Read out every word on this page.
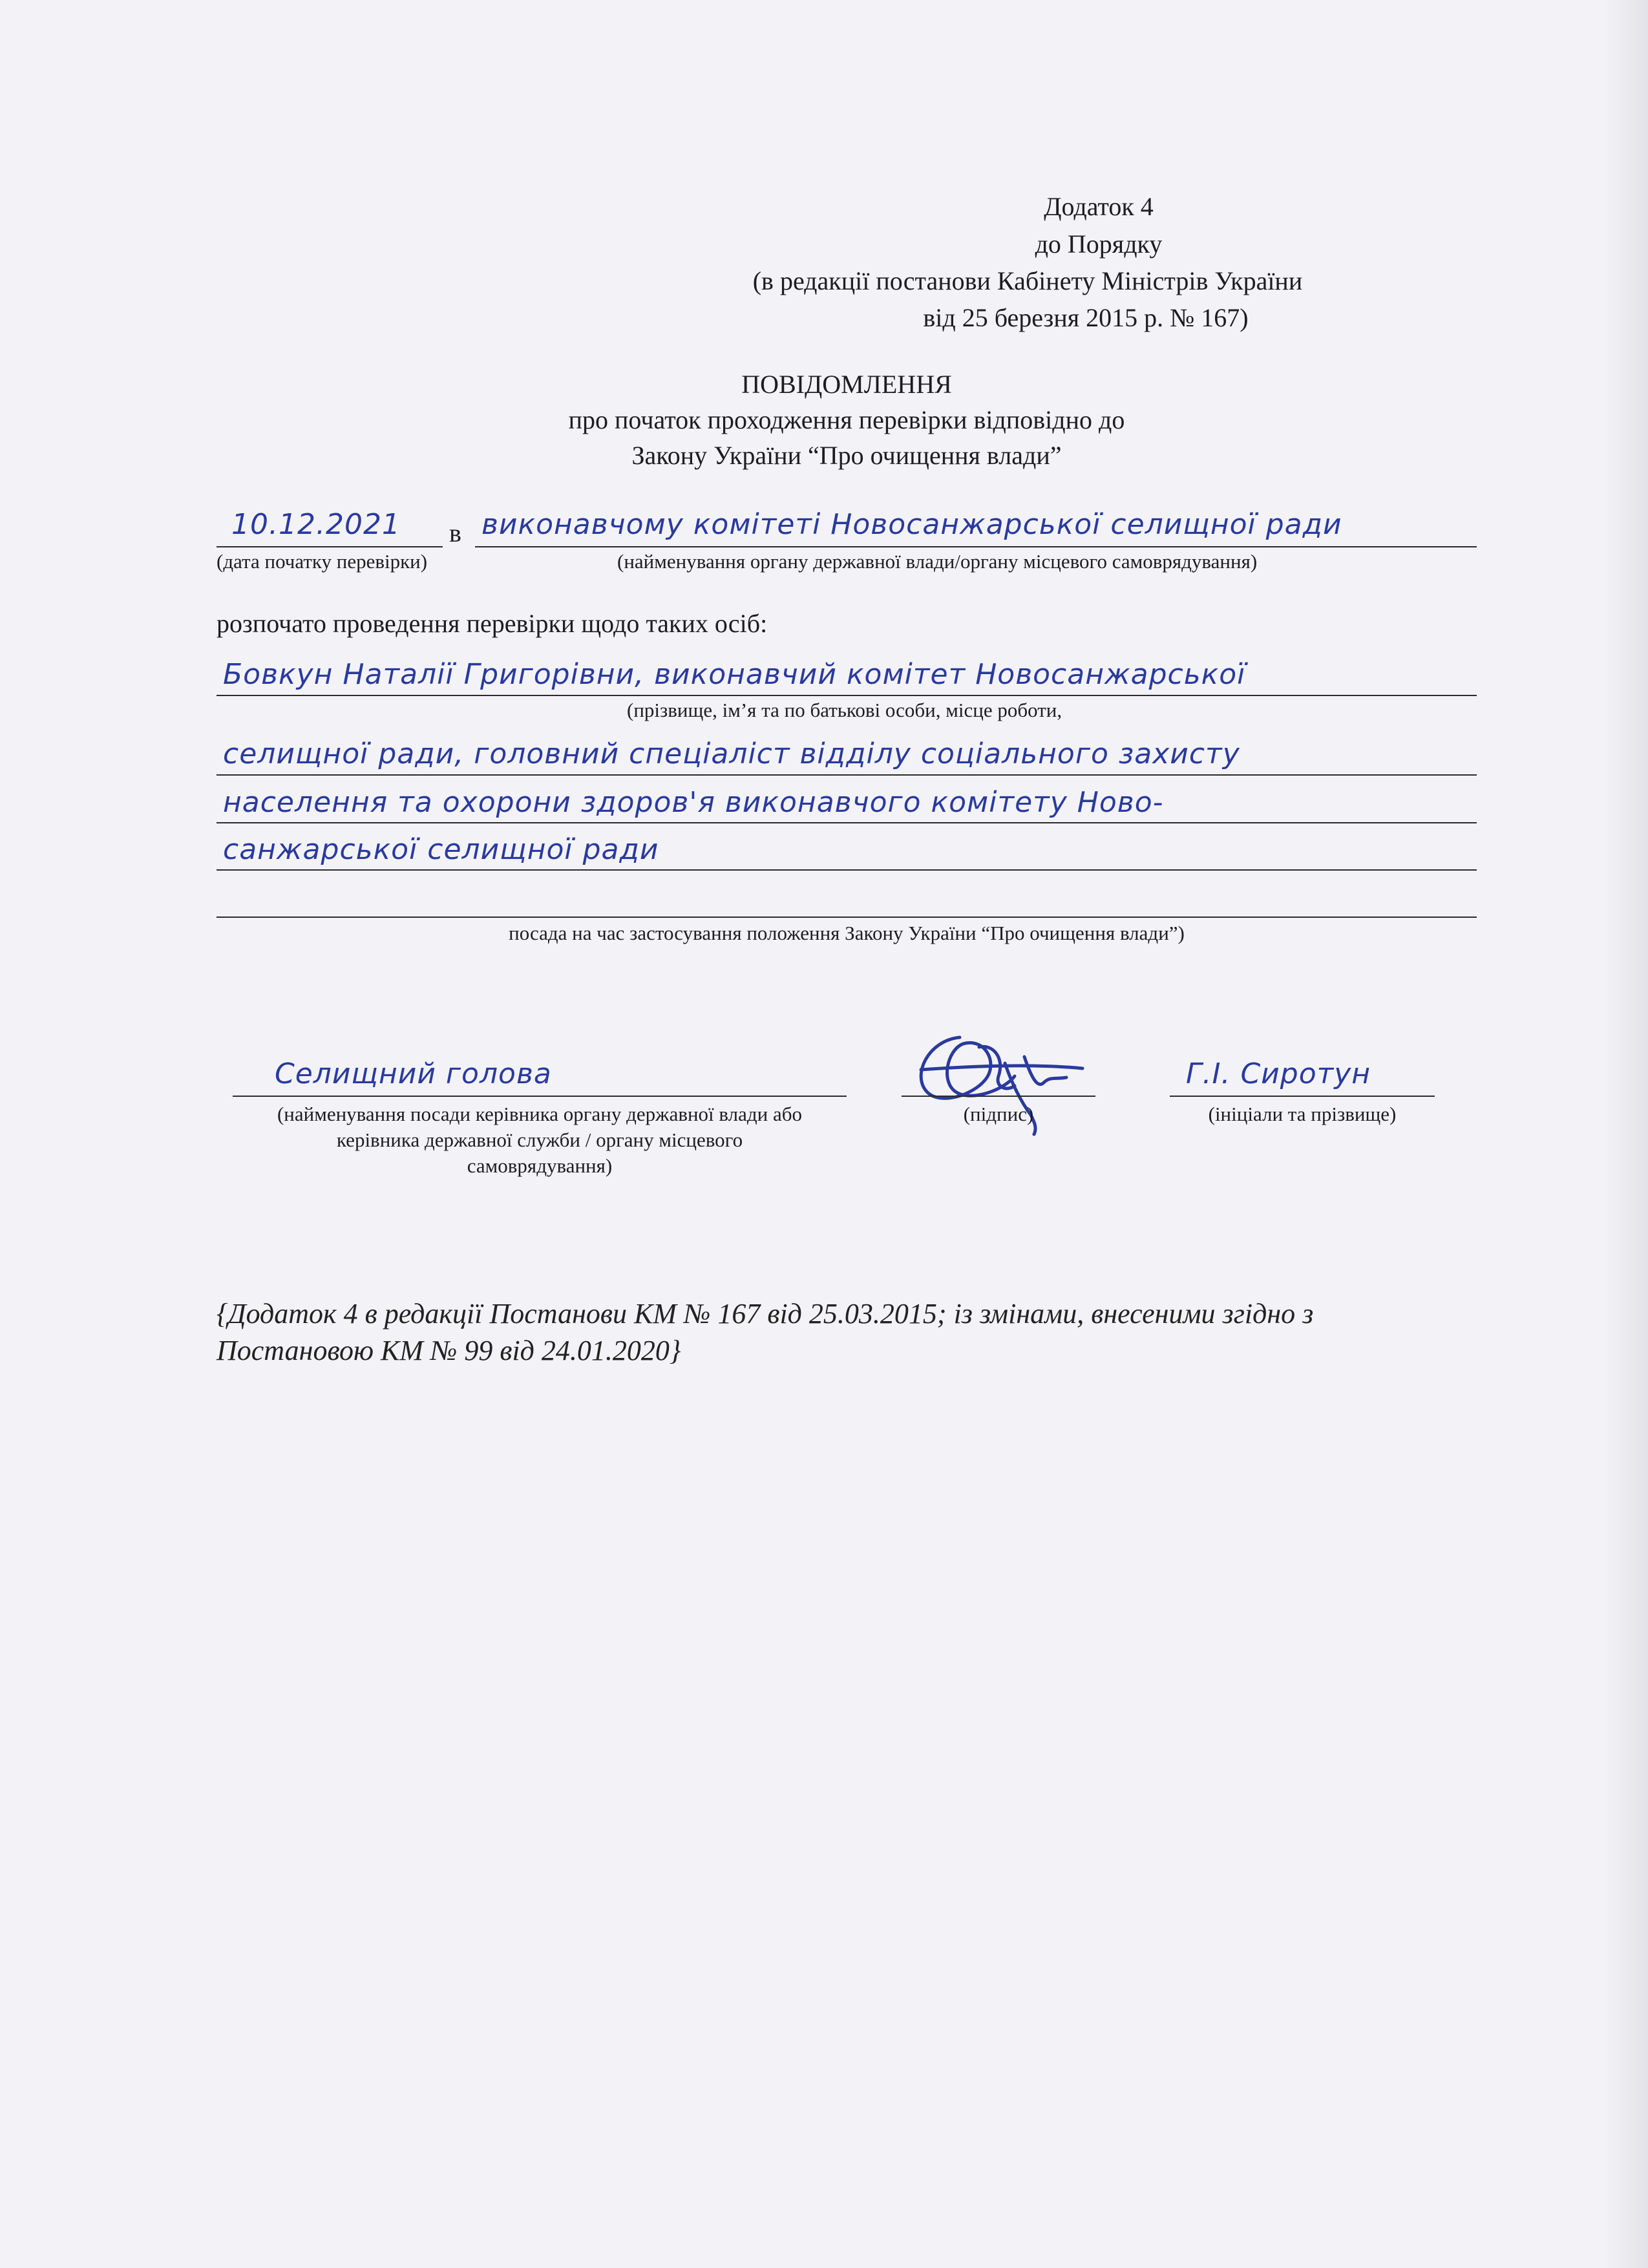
Додаток 4
до Порядку
(в редакції постанови Кабінету Міністрів України
від 25 березня 2015 р. № 167)
ПОВІДОМЛЕННЯ
про початок проходження перевірки відповідно до
Закону України “Про очищення влади”
10.12.2021 в виконавчому комітеті Новосанжарської селищної ради
(дата початку перевірки)	(найменування органу державної влади/органу місцевого самоврядування)
розпочато проведення перевірки щодо таких осіб:
Бовкун Наталії Григорівни, виконавчий комітет Новосанжарської
(прізвище, ім’я та по батькові особи, місце роботи,
селищної ради, головний спеціаліст відділу соціального захисту
населення та охорони здоров'я виконавчого комітету Ново-
санжарської селищної ради
посада на час застосування положення Закону України “Про очищення влади”)
Селищний голова	Г.І. Сиротун
(найменування посади керівника органу державної влади або
керівника державної служби / органу місцевого
самоврядування)
(підпис)	(ініціали та прізвище)
{Додаток 4 в редакції Постанови КМ № 167 від 25.03.2015; із змінами, внесеними згідно з
Постановою КМ № 99 від 24.01.2020}
